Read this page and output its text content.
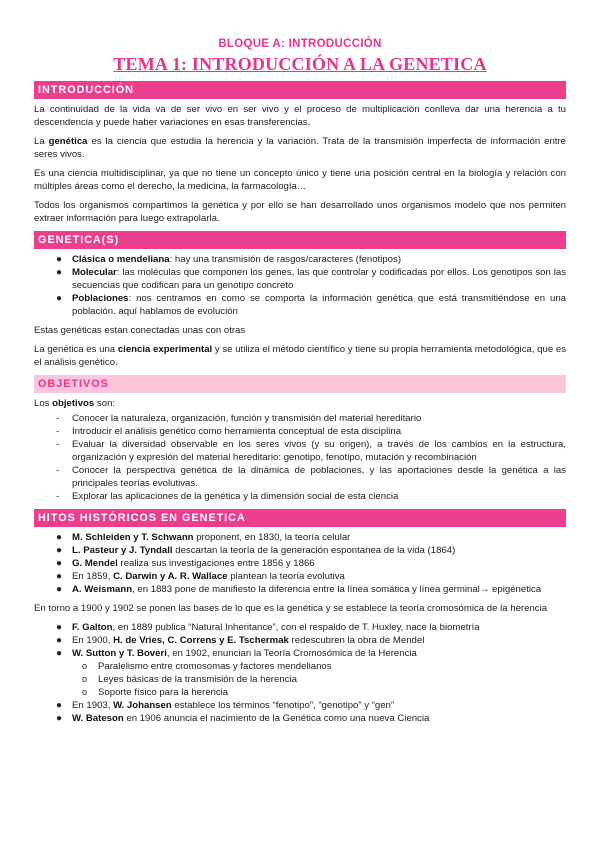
BLOQUE A: INTRODUCCIÓN
TEMA 1: INTRODUCCIÓN A LA GENETICA
INTRODUCCIÓN

La continuidad de la vida va de ser vivo en ser vivo y el proceso de multiplicación conlleva dar una herencia a tu descendencia y puede haber variaciones en esas transferencias.

La genética es la ciencia que estudia la herencia y la variación. Trata de la transmisión imperfecta de información entre seres vivos.

Es una ciencia multidisciplinar, ya que no tiene un concepto único y tiene una posición central en la biología y relación con múltiples áreas como el derecho, la medicina, la farmacología…

Todos los organismos compartimos la genética y por ello se han desarrollado unos organismos modelo que nos permiten extraer información para luego extrapolarla.

GENETICA(S)
● Clásica o mendeliana: hay una transmisión de rasgos/caracteres (fenotipos)
● Molecular: las moléculas que componen los genes, las que controlar y codificadas por ellos. Los genotipos son las secuencias que codifican para un genotipo concreto
● Poblaciones: nos centramos en como se comporta la información genética que está transmitiéndose en una población. aquí hablamos de evolución

Estas genéticas estan conectadas unas con otras

La genética es una ciencia experimental y se utiliza el método científico y tiene su propia herramienta metodológica, que es el análisis genético.

OBJETIVOS

Los objetivos son:

- Conocer la naturaleza, organización, función y transmisión del material hereditario
- Introducir el análisis genético como herramienta conceptual de esta disciplina
- Evaluar la diversidad observable en los seres vivos (y su origen), a través de los cambios en la estructura, organización y expresión del material hereditario: genotipo, fenotipo, mutación y recombinación
- Conocer la perspectiva genética de la dinámica de poblaciones, y las aportaciones desde la genética a las principales teorías evolutivas.
- Explorar las aplicaciones de la genética y la dimensión social de esta ciencia
HITOS HISTÓRICOS EN GENETICA
● M. Schleiden y T. Schwann proponent, en 1830, la teoría celular
● L. Pasteur y J. Tyndall descartan la teoría de la generación espontanea de la vida (1864)
● G. Mendel realiza sus investigaciones entre 1856 y 1866
● En 1859, C. Darwin y A. R. Wallace plantean la teoría evolutiva
● A. Weismann, en 1883 pone de manifiesto la diferencia entre la línea somática y línea germinal→ epigénetica

En torno a 1900 y 1902 se ponen las bases de lo que es la genética y se establece la teoría cromosómica de la herencia

● F. Galton, en 1889 publica “Natural Inheritance”, con el respaldo de T. Huxley, nace la biometría
● En 1900, H. de Vries, C. Correns y E. Tschermak redescubren la obra de Mendel
● W. Sutton y T. Boveri, en 1902, enuncian la Teoría Cromosómica de la Herencia
o Paralelismo entre cromosomas y factores mendelianos
o Leyes básicas de la transmisión de la herencia
o Soporte físico para la herencia
● En 1903, W. Johansen establece los términos “fenotipo”, “genotipo” y “gen”
● W. Bateson en 1906 anuncia el nacimiento de la Genética como una nueva Ciencia
